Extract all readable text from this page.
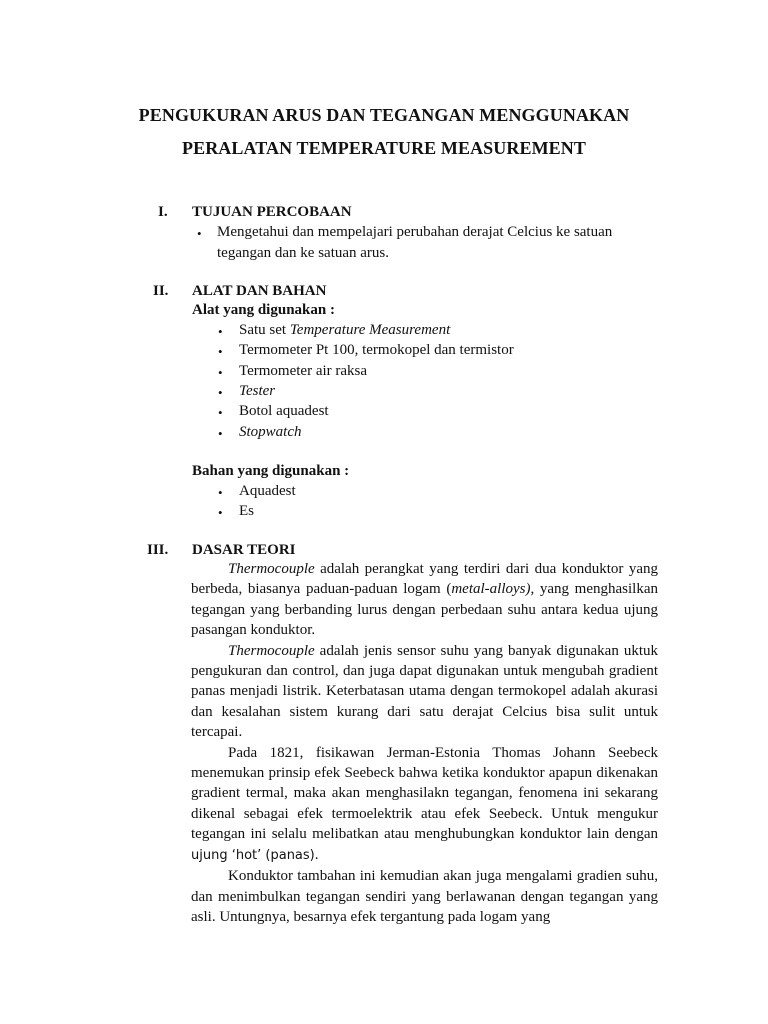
PENGUKURAN ARUS DAN TEGANGAN MENGGUNAKAN
PERALATAN TEMPERATURE MEASUREMENT
I. TUJUAN PERCOBAAN
• Mengetahui dan mempelajari perubahan derajat Celcius ke satuan
tegangan dan ke satuan arus.
II. ALAT DAN BAHAN
Alat yang digunakan :
• Satu set Temperature Measurement
• Termometer Pt 100, termokopel dan termistor
• Termometer air raksa
• Tester
• Botol aquadest
• Stopwatch
Bahan yang digunakan :
• Aquadest
• Es
III. DASAR TEORI

Thermocouple adalah perangkat yang terdiri dari dua konduktor yang berbeda, biasanya paduan-paduan logam (metal-alloys), yang menghasilkan tegangan yang berbanding lurus dengan perbedaan suhu antara kedua ujung pasangan konduktor.

Thermocouple adalah jenis sensor suhu yang banyak digunakan uktuk pengukuran dan control, dan juga dapat digunakan untuk mengubah gradient panas menjadi listrik. Keterbatasan utama dengan termokopel adalah akurasi dan kesalahan sistem kurang dari satu derajat Celcius bisa sulit untuk tercapai.

Pada 1821, fisikawan Jerman-Estonia Thomas Johann Seebeck menemukan prinsip efek Seebeck bahwa ketika konduktor apapun dikenakan gradient termal, maka akan menghasilakn tegangan, fenomena ini sekarang dikenal sebagai efek termoelektrik atau efek Seebeck. Untuk mengukur tegangan ini selalu melibatkan atau menghubungkan konduktor lain dengan ujung ‘hot’ (panas).

Konduktor tambahan ini kemudian akan juga mengalami gradien suhu, dan menimbulkan tegangan sendiri yang berlawanan dengan tegangan yang asli. Untungnya, besarnya efek tergantung pada logam yang
